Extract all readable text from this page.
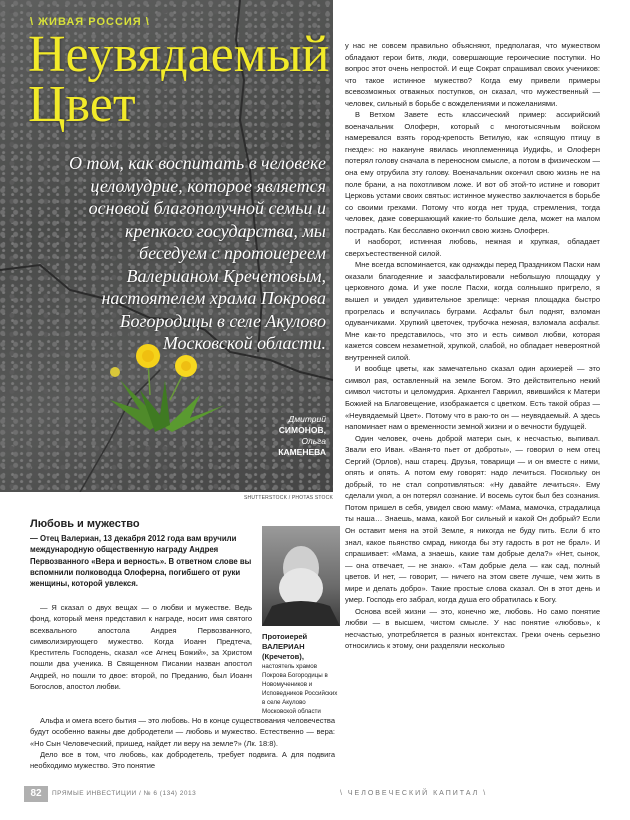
\ ЖИВАЯ РОССИЯ \
Неувядаемый Цвет
О том, как воспитать в человеке целомудрие, которое является основой благополучной семьи и крепкого государства, мы беседуем с протоиереем Валерианом Кречетовым, настоятелем храма Покрова Богородицы в селе Акулово Московской области.
Дмитрий
СИМОНОВ,
Ольга
КАМЕНЕВА
SHUTTERSTOCK / PHOTAS STOCK
Любовь и мужество
— Отец Валериан, 13 декабря 2012 года вам вручили международную общественную награду Андрея Первозванного «Вера и верность». В ответном слове вы вспомнили полководца Олоферна, погибшего от руки женщины, которой увлекся.

— Я сказал о двух вещах — о любви и мужестве. Ведь фонд, который меня представил к награде, носит имя святого всехвального апостола Андрея Первозванного, символизирующего мужество. Когда Иоанн Предтеча, Креститель Господень, сказал «се Агнец Божий», за Христом пошли два ученика. В Священном Писании назван апостол Андрей, но пошли то двое: второй, по Преданию, был Иоанн Богослов, апостол любви.

Альфа и омега всего бытия — это любовь. Но в конце существования человечества будут особенно важны две добродетели — любовь и мужество. Естественно — вера: «Но Сын Человеческий, пришед, найдет ли веру на земле?» (Лк. 18:8).

Дело все в том, что любовь, как добродетель, требует подвига. А для подвига необходимо мужество. Это понятие

Протоиерей ВАЛЕРИАН (Кречетов),
настоятель храмов Покрова Богородицы в Новомучеников и Исповедников Российских в селе Акулово Московской области

у нас не совсем правильно объясняют, предполагая, что мужеством обладают герои битв, люди, совершающие героические поступки. Но вопрос этот очень непростой. И еще Сократ спрашивал своих учеников: что такое истинное мужество? Когда ему привели примеры всевозможных отважных поступков, он сказал, что мужественный — человек, сильный в борьбе с вожделениями и пожеланиями.

В Ветхом Завете есть классический пример: ассирийский военачальник Олоферн, который с многотысячным войском намеревался взять город-крепость Ветилую, как «спящую птицу в гнезде»: но накануне явилась иноплеменница Иудифь, и Олоферн потерял голову сначала в переносном смысле, а потом в физическом — она ему отрубила эту голову. Военачальник окончил свою жизнь не на поле брани, а на похотливом ложе. И вот об этой-то истине и говорит Церковь устами своих святых: истинное мужество заключается в борьбе со своими грехами. Потому что когда нет труда, стремления, тогда человек, даже совершающий какие-то большие дела, может на малом пострадать. Как бесславно окончил свою жизнь Олоферн.

И наоборот, истинная любовь, нежная и хрупкая, обладает сверхъестественной силой.

Мне всегда вспоминается, как однажды перед Праздником Пасхи нам оказали благодеяние и заасфальтировали небольшую площадку у церковного дома. И уже после Пасхи, когда солнышко пригрело, я вышел и увидел удивительное зрелище: черная площадка быстро прогрелась и вспучилась буграми. Асфальт был поднят, взломан одуванчиками. Хрупкий цветочек, трубочка нежная, взломала асфальт. Мне как-то представилось, что это и есть символ любви, которая кажется совсем незаметной, хрупкой, слабой, но обладает невероятной внутренней силой.

И вообще цветы, как замечательно сказал один архиерей — это символ рая, оставленный на земле Богом. Это действительно некий символ чистоты и целомудрия. Архангел Гавриил, явившийся к Матери Божией на Благовещение, изображается с цветком. Есть такой образ — «Неувядаемый Цвет». Потому что в раю-то он — неувядаемый. А здесь напоминает нам о временности земной жизни и о вечности будущей.

Один человек, очень доброй матери сын, к несчастью, выпивал. Звали его Иван. «Ваня-то пьет от доброты», — говорил о нем отец Сергий (Орлов), наш старец. Друзья, товарищи — и он вместе с ними, опять и опять. А потом ему говорят: надо лечиться. Поскольку он добрый, то не стал сопротивляться: «Ну давайте лечиться». Ему сделали укол, а он потерял сознание. И восемь суток был без сознания. Потом пришел в себя, увидел свою маму: «Мама, мамочка, страдалица ты наша… Знаешь, мама, какой Бог сильный и какой Он добрый? Если Он оставит меня на этой Земле, я никогда не буду пить. Если б кто знал, какое пьянство смрад, никогда бы эту гадость в рот не брал». И спрашивает: «Мама, а знаешь, какие там добрые дела?» «Нет, сынок, — она отвечает, — не знаю». «Там добрые дела — как сад, полный цветов. И нет, — говорит, — ничего на этом свете лучше, чем жить в мире и делать добро». Такие простые слова сказал. Он в этот день и умер. Господь его забрал, когда душа его обратилась к Богу.

Основа всей жизни — это, конечно же, любовь. Но само понятие любви — в высшем, чистом смысле. У нас понятие «любовь», к несчастью, употребляется в разных контекстах. Греки очень серьезно относились к этому, они разделяли несколько

82	ПРЯМЫЕ ИНВЕСТИЦИИ / № 6 (134) 2013	\ ЧЕЛОВЕЧЕСКИЙ КАПИТАЛ \
